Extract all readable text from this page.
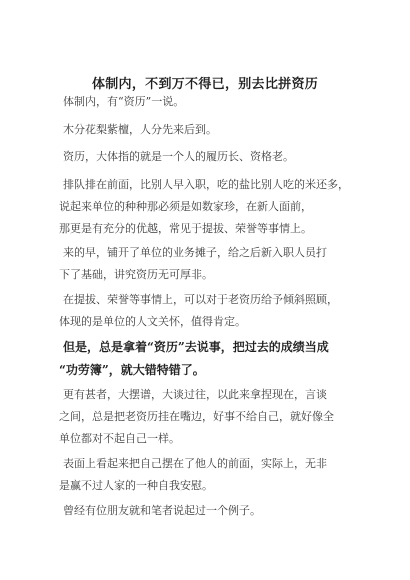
体制内，不到万不得已，别去比拼资历
体制内，有“资历”一说。
木分花梨紫檀，人分先来后到。
资历，大体指的就是一个人的履历长、资格老。
排队排在前面，比别人早入职，吃的盐比别人吃的米还多，
说起来单位的种种那必须是如数家珍，在新人面前，
那更是有充分的优越，常见于提拔、荣誉等事情上。
来的早，铺开了单位的业务摊子，给之后新入职人员打
下了基础，讲究资历无可厚非。
在提拔、荣誉等事情上，可以对于老资历给予倾斜照顾，
体现的是单位的人文关怀，值得肯定。
但是，总是拿着“资历”去说事，把过去的成绩当成
“功劳簿”，就大错特错了。
更有甚者，大摆谱，大谈过往，以此来拿捏现在，言谈
之间，总是把老资历挂在嘴边，好事不给自己，就好像全
单位都对不起自己一样。
表面上看起来把自己摆在了他人的前面，实际上，无非
是赢不过人家的一种自我安慰。
曾经有位朋友就和笔者说起过一个例子。
